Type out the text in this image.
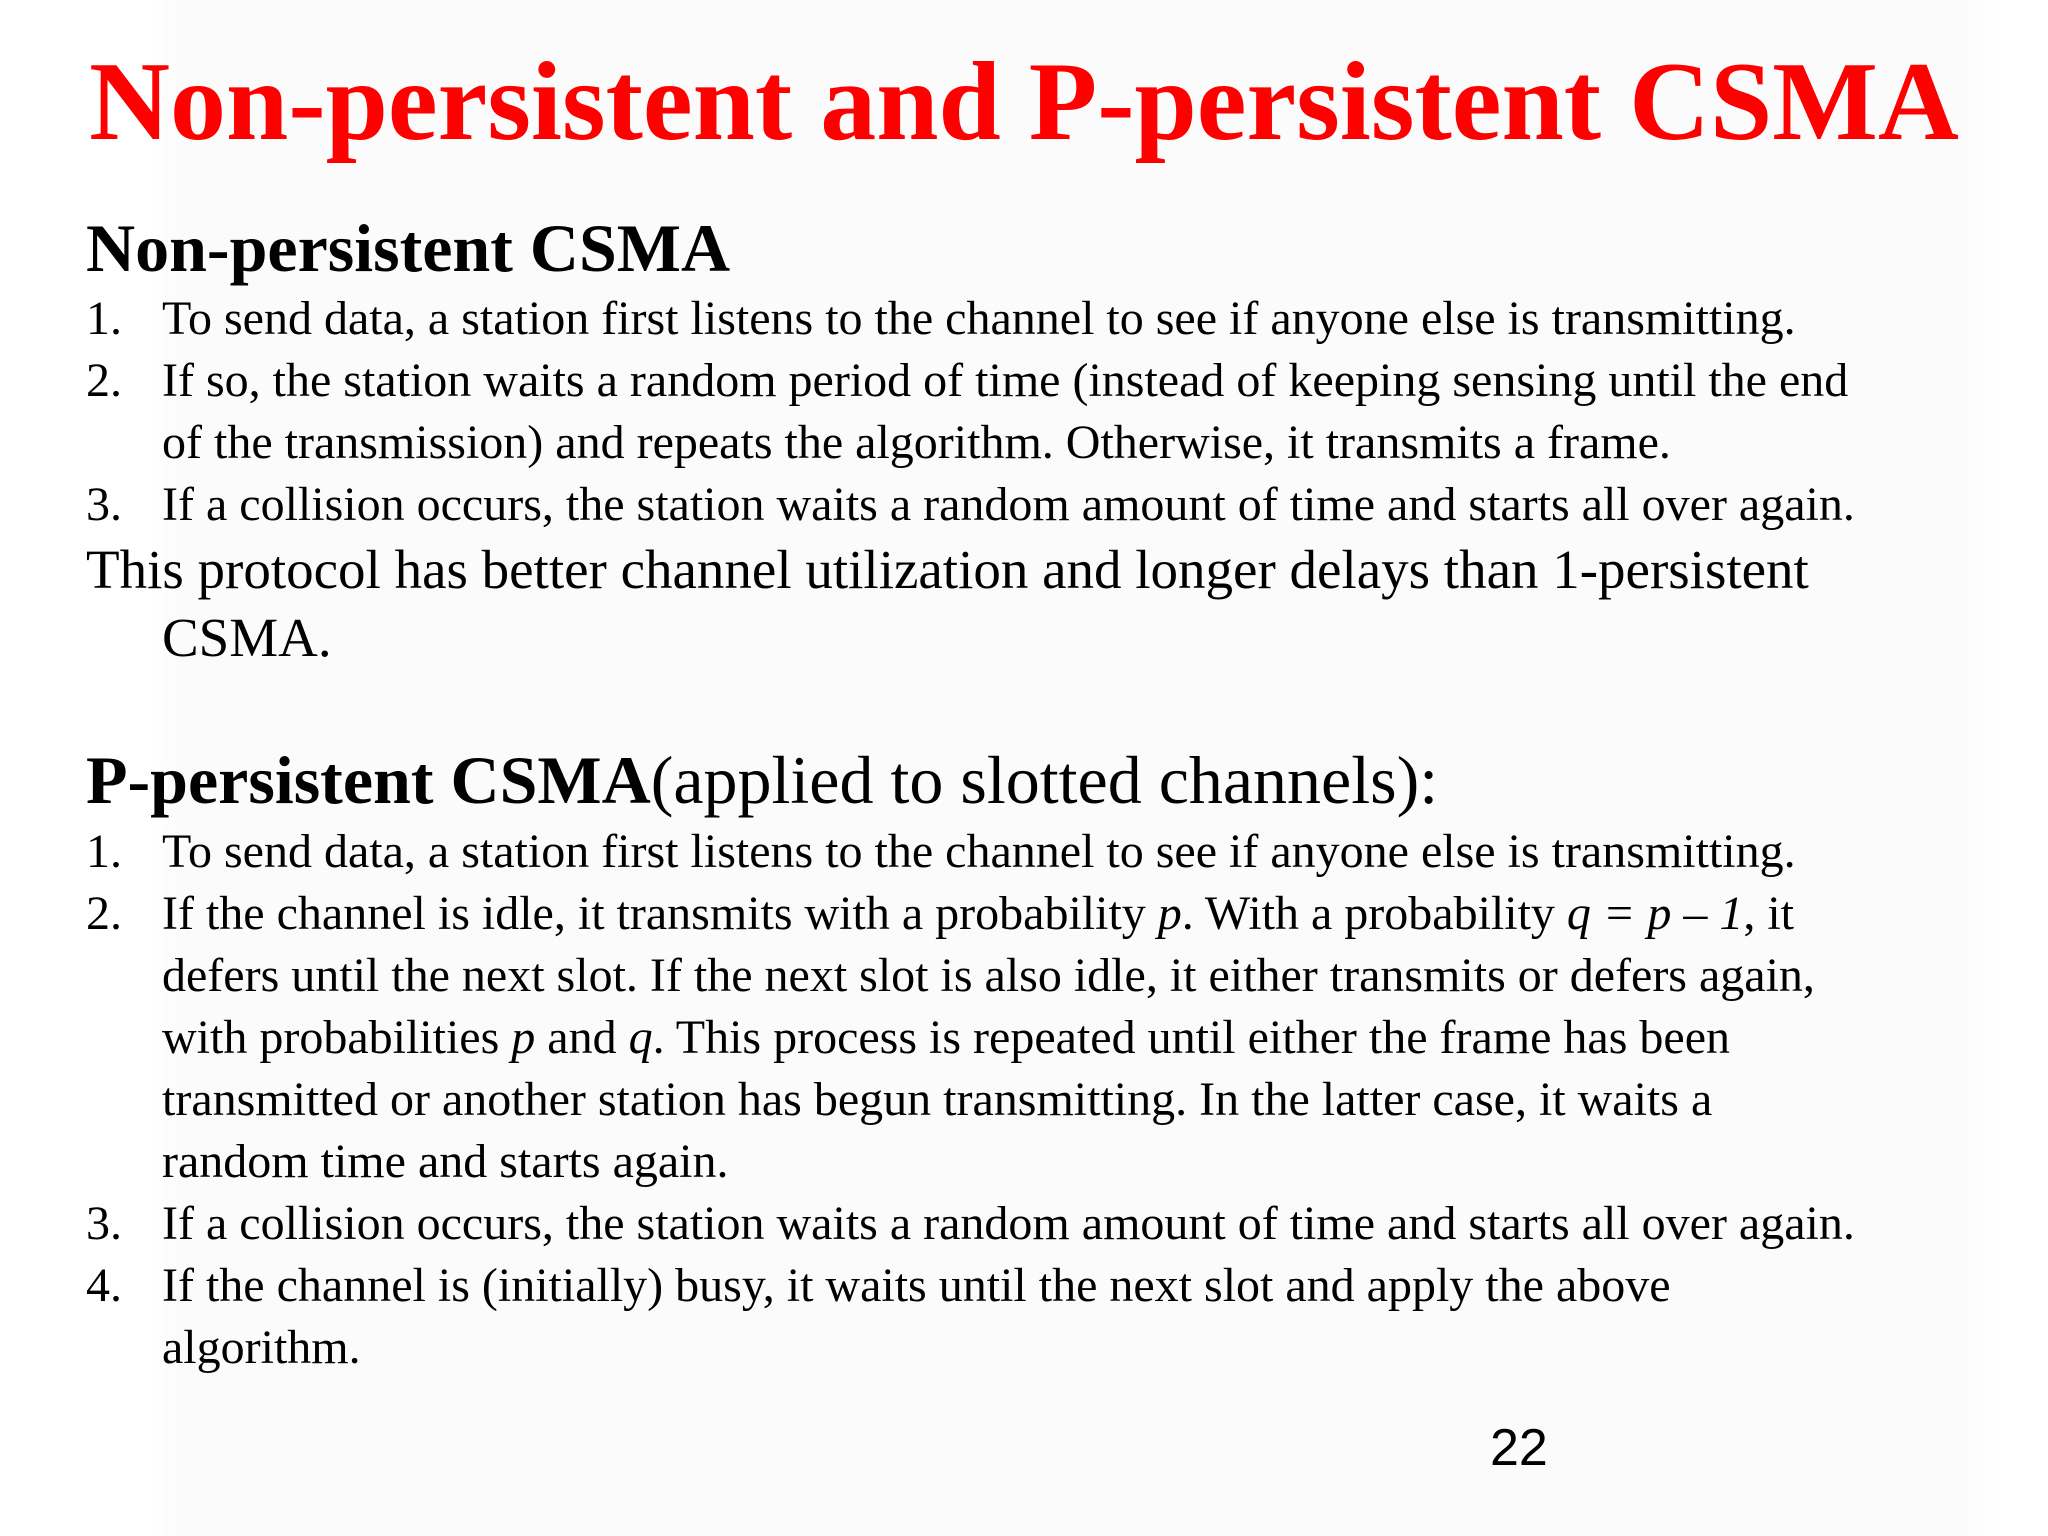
Non-persistent and P-persistent CSMA
Non-persistent CSMA
1. To send data, a station first listens to the channel to see if anyone else is transmitting.
2. If so, the station waits a random period of time (instead of keeping sensing until the end
of the transmission) and repeats the algorithm. Otherwise, it transmits a frame.
3. If a collision occurs, the station waits a random amount of time and starts all over again.
This protocol has better channel utilization and longer delays than 1-persistent
CSMA.
P-persistent CSMA(applied to slotted channels):
1. To send data, a station first listens to the channel to see if anyone else is transmitting.
2. If the channel is idle, it transmits with a probability p. With a probability q = p – 1, it
defers until the next slot. If the next slot is also idle, it either transmits or defers again,
with probabilities p and q. This process is repeated until either the frame has been
transmitted or another station has begun transmitting. In the latter case, it waits a
random time and starts again.
3. If a collision occurs, the station waits a random amount of time and starts all over again.
4. If the channel is (initially) busy, it waits until the next slot and apply the above
algorithm.
22
